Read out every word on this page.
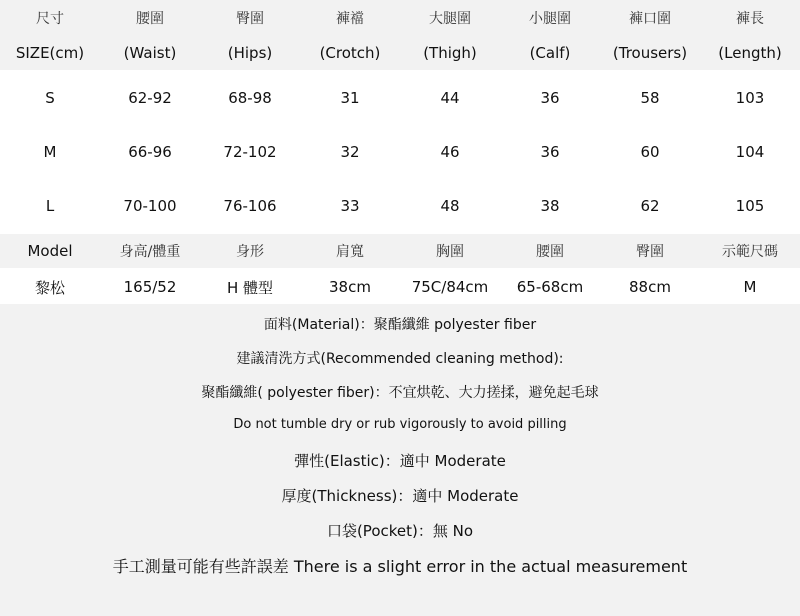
尺寸	腰圍	臀圍	褲襠	大腿圍	小腿圍	褲口圍	褲長
SIZE(cm)	(Waist)	(Hips)	(Crotch)	(Thigh)	(Calf)	(Trousers)	(Length)
S	62-92	68-98	31	44	36	58	103
M	66-96	72-102	32	46	36	60	104
L	70-100	76-106	33	48	38	62	105
Model	身高/體重	身形	肩寬	胸圍	腰圍	臀圍	示範尺碼
黎松	165/52	H 體型	38cm	75C/84cm	65-68cm	88cm	M
面料(Material)：聚酯纖維 polyester fiber
建議清洗方式(Recommended cleaning method):
聚酯纖維( polyester fiber)：不宜烘乾、大力搓揉，避免起毛球
Do not tumble dry or rub vigorously to avoid pilling
彈性(Elastic)：適中 Moderate
厚度(Thickness)：適中 Moderate
口袋(Pocket)：無 No
手工測量可能有些許誤差 There is a slight error in the actual measurement
